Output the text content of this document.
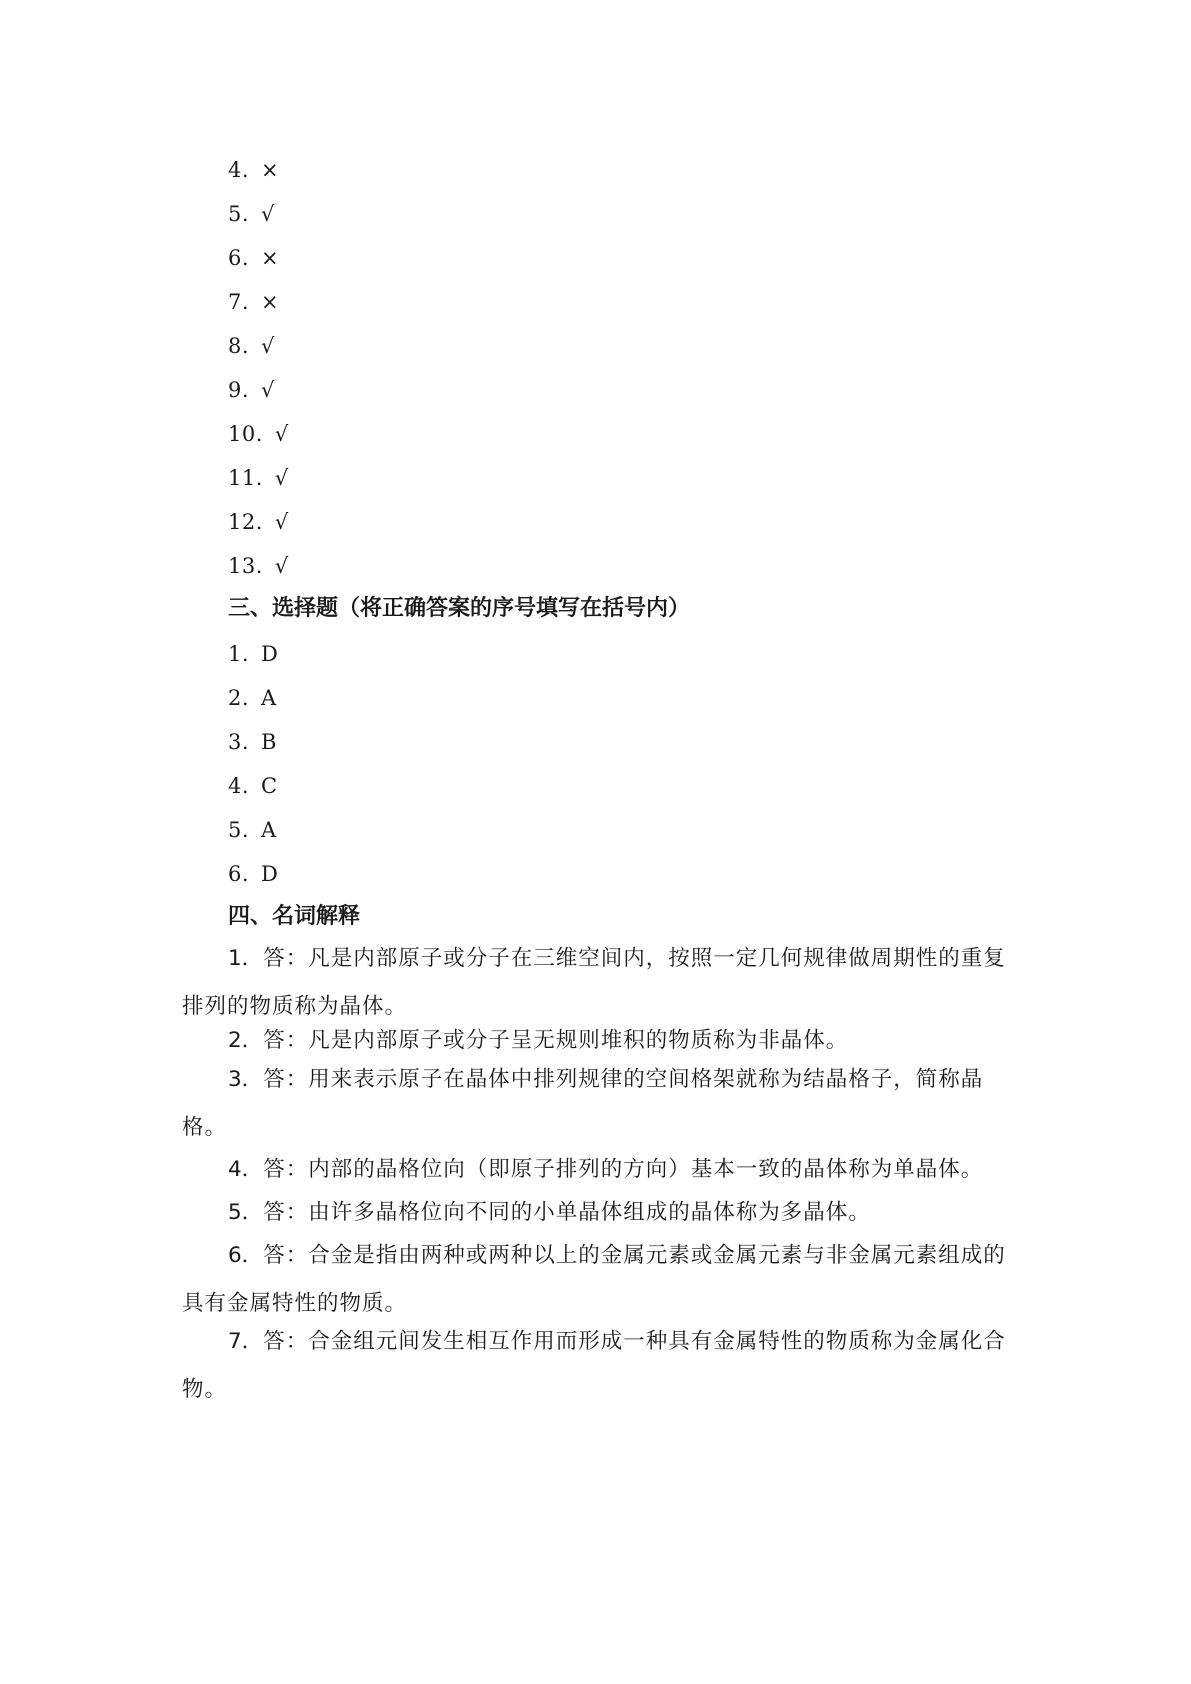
4. ×
5. √
6. ×
7. ×
8. √
9. √
10. √
11. √
12. √
13. √
三、选择题（将正确答案的序号填写在括号内）
1. D
2. A
3. B
4. C
5. A
6. D
四、名词解释
1．答：凡是内部原子或分子在三维空间内，按照一定几何规律做周期性的重复排列的物质称为晶体。
2．答：凡是内部原子或分子呈无规则堆积的物质称为非晶体。
3．答：用来表示原子在晶体中排列规律的空间格架就称为结晶格子，简称晶格。
4．答：内部的晶格位向（即原子排列的方向）基本一致的晶体称为单晶体。
5．答：由许多晶格位向不同的小单晶体组成的晶体称为多晶体。
6．答：合金是指由两种或两种以上的金属元素或金属元素与非金属元素组成的具有金属特性的物质。
7．答：合金组元间发生相互作用而形成一种具有金属特性的物质称为金属化合物。
